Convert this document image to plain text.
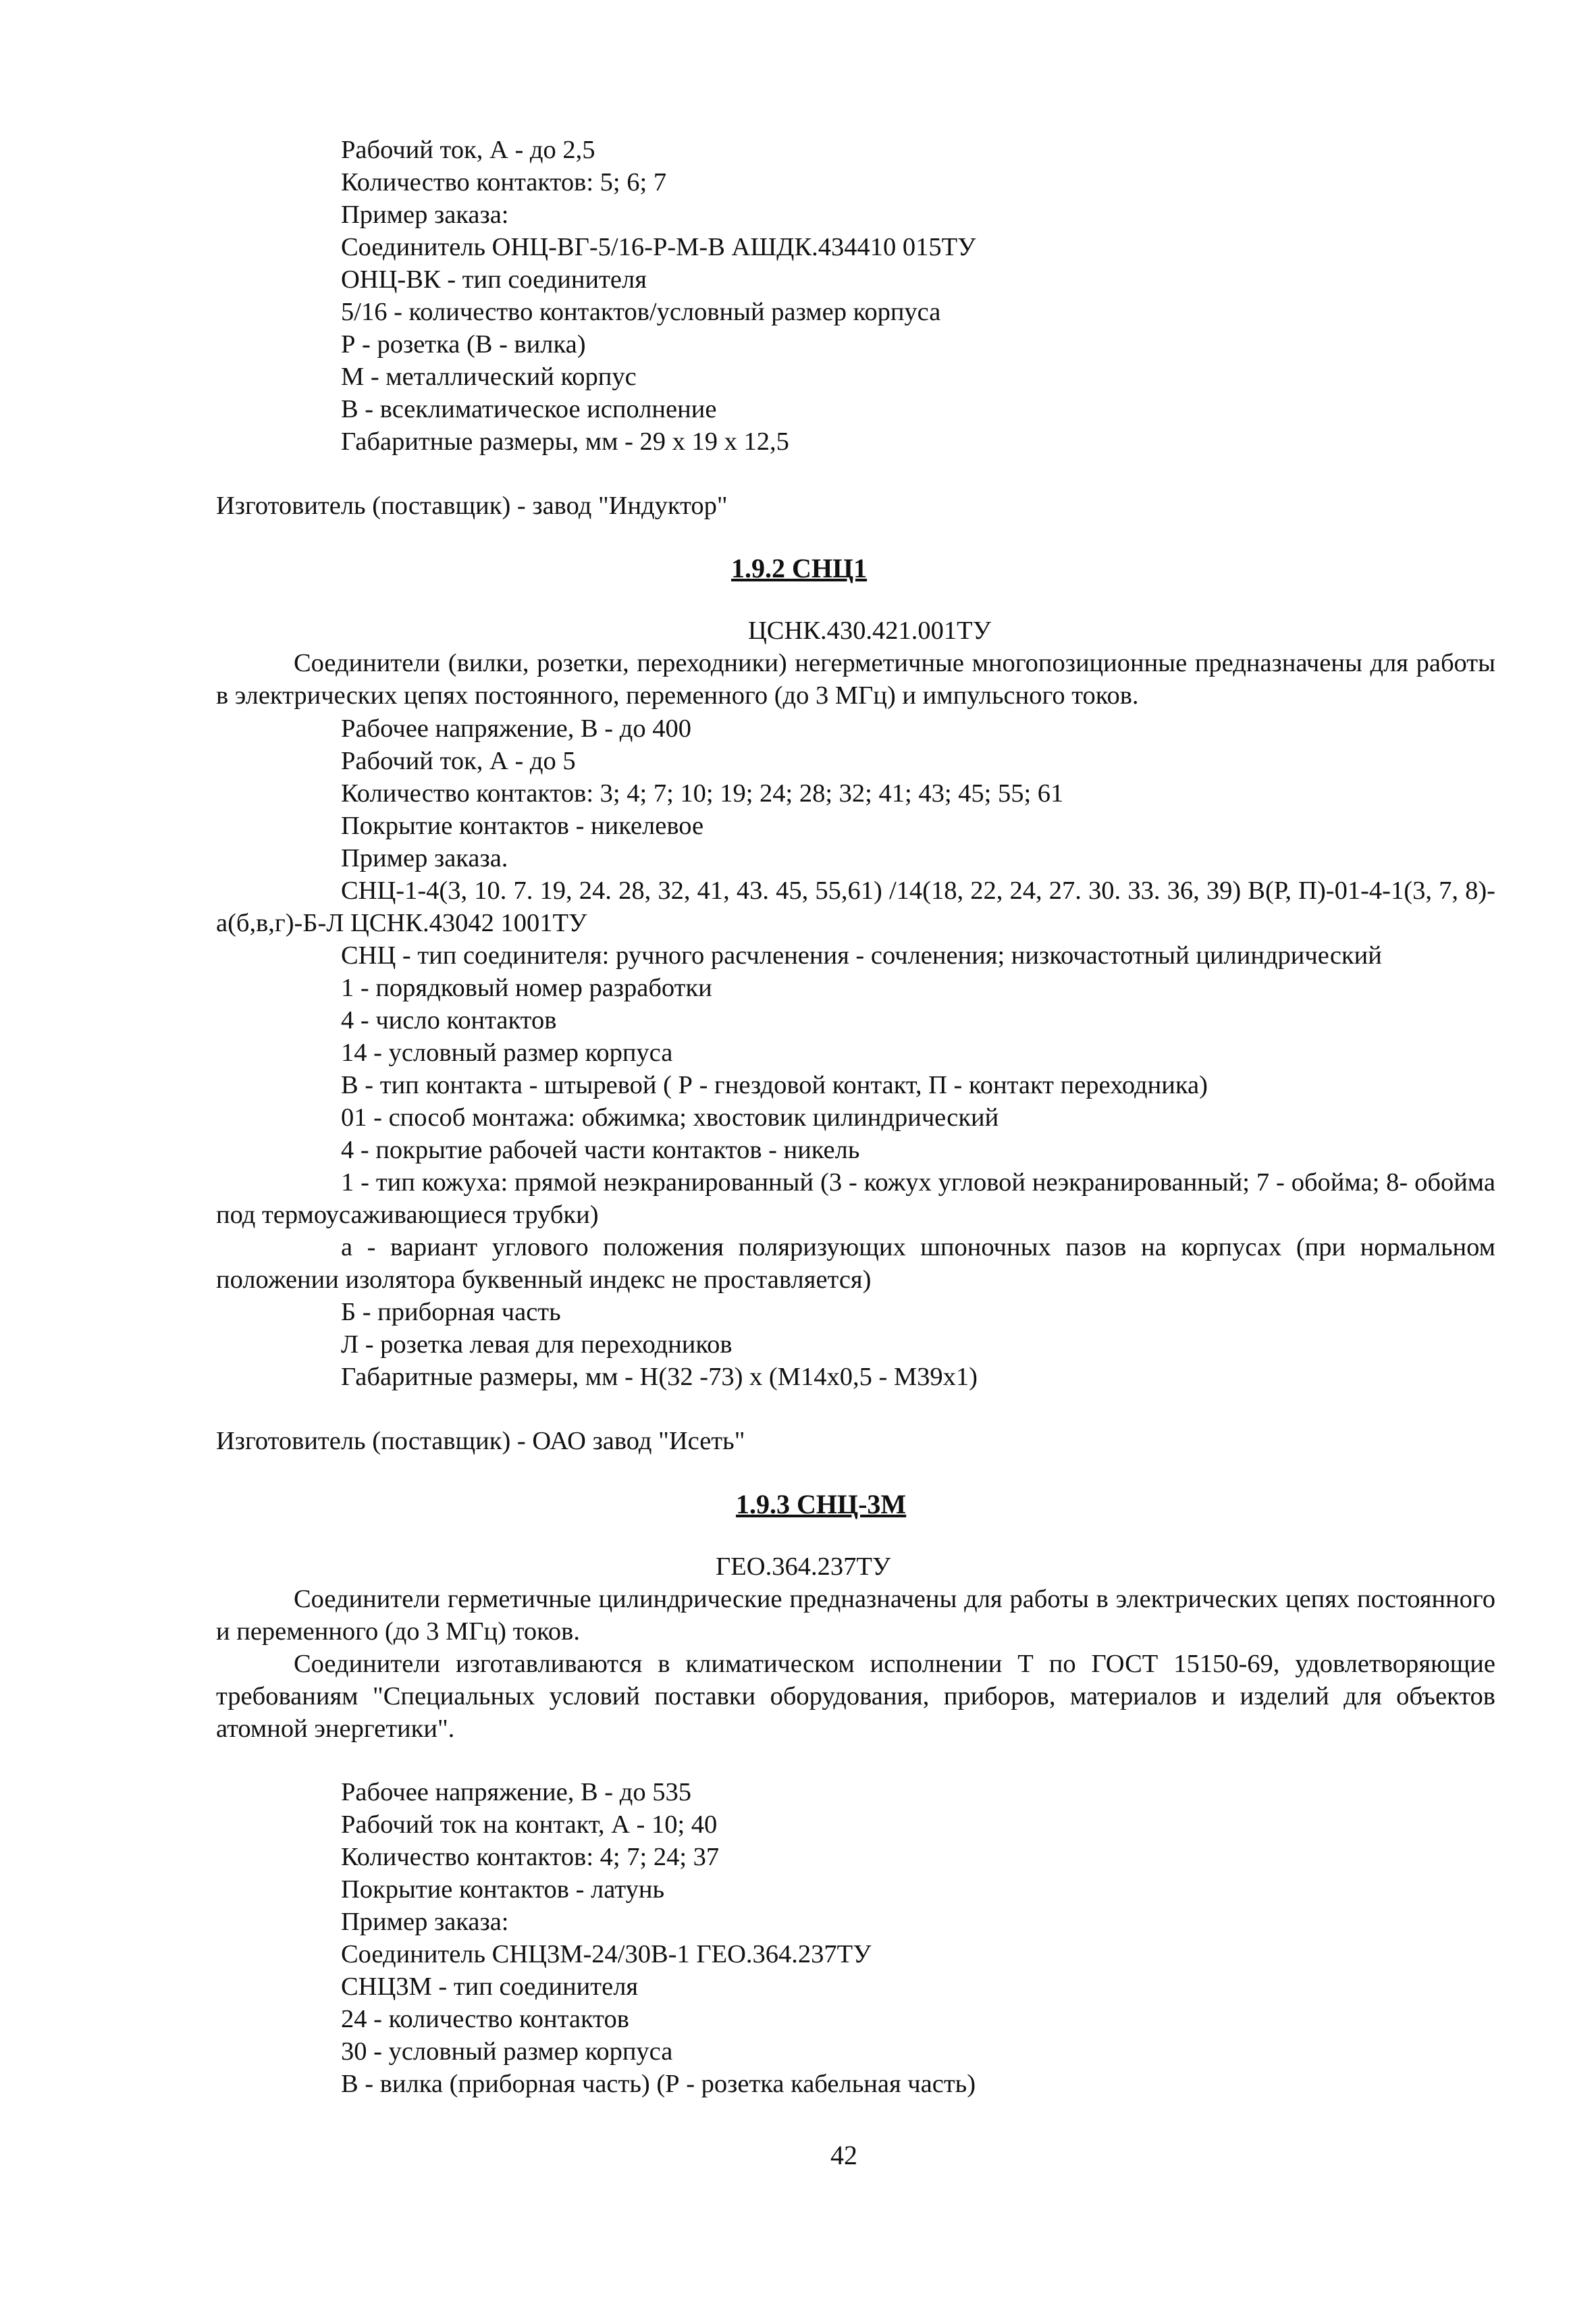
Рабочий ток, А - до 2,5
Количество контактов: 5; 6; 7
Пример заказа:
Соединитель ОНЦ-ВГ-5/16-Р-М-В АШДК.434410 015ТУ
ОНЦ-ВК - тип соединителя
5/16 - количество контактов/условный размер корпуса
Р - розетка (В - вилка)
М - металлический корпус
В - всеклиматическое исполнение
Габаритные размеры, мм - 29 х 19 х 12,5
Изготовитель (поставщик) - завод "Индуктор"
1.9.2 СНЦ1
ЦСНК.430.421.001ТУ
Соединители (вилки, розетки, переходники) негерметичные многопозиционные предназначены для работы в электрических цепях постоянного, переменного (до 3 МГц) и импульсного токов.
Рабочее напряжение, В - до 400
Рабочий ток, А - до 5
Количество контактов: 3; 4; 7; 10; 19; 24; 28; 32; 41; 43; 45; 55; 61
Покрытие контактов - никелевое
Пример заказа.
СНЦ-1-4(3, 10. 7. 19, 24. 28, 32, 41, 43. 45, 55,61) /14(18, 22, 24, 27. 30. 33. 36, 39) В(Р, П)-01-4-1(3, 7, 8)-а(б,в,г)-Б-Л ЦСНК.43042 1001ТУ
СНЦ - тип соединителя: ручного расчленения - сочленения; низкочастотный цилиндрический
1 - порядковый номер разработки
4 - число контактов
14 - условный размер корпуса
В - тип контакта - штыревой ( Р - гнездовой контакт, П - контакт переходника)
01 - способ монтажа: обжимка; хвостовик цилиндрический
4 - покрытие рабочей части контактов - никель
1 - тип кожуха: прямой неэкранированный (3 - кожух угловой неэкранированный; 7 - обойма; 8- обойма под термоусаживающиеся трубки)
а - вариант углового положения поляризующих шпоночных пазов на корпусах (при нормальном положении изолятора буквенный индекс не проставляется)
Б - приборная часть
Л - розетка левая для переходников
Габаритные размеры, мм - Н(32 -73) х (М14х0,5 - М39х1)
Изготовитель (поставщик) - ОАО завод "Исеть"
1.9.3 СНЦ-3М
ГЕО.364.237ТУ
Соединители герметичные цилиндрические предназначены для работы в электрических цепях постоянного и переменного (до 3 МГц) токов.
Соединители изготавливаются в климатическом исполнении Т по ГОСТ 15150-69, удовлетворяющие требованиям "Специальных условий поставки оборудования, приборов, материалов и изделий для объектов атомной энергетики".
Рабочее напряжение, В - до 535
Рабочий ток на контакт, А - 10; 40
Количество контактов: 4; 7; 24; 37
Покрытие контактов - латунь
Пример заказа:
Соединитель СНЦ3М-24/30В-1 ГЕО.364.237ТУ
СНЦ3М - тип соединителя
24 - количество контактов
30 - условный размер корпуса
В - вилка (приборная часть) (Р - розетка кабельная часть)
42
